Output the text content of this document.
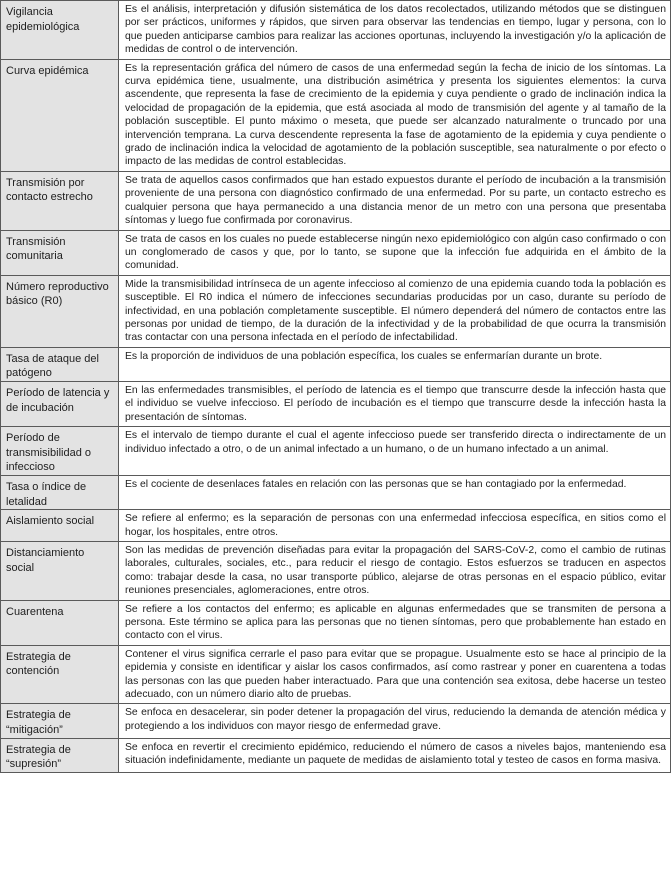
Vigilancia epidemiológica	Es el análisis, interpretación y difusión sistemática de los datos recolectados, utilizando métodos que se distinguen por ser prácticos, uniformes y rápidos, que sirven para observar las tendencias en tiempo, lugar y persona, con lo que pueden anticiparse cambios para realizar las acciones oportunas, incluyendo la investigación y/o la aplicación de medidas de control o de intervención.
Curva epidémica	Es la representación gráfica del número de casos de una enfermedad según la fecha de inicio de los síntomas. La curva epidémica tiene, usualmente, una distribución asimétrica y presenta los siguientes elementos: la curva ascendente, que representa la fase de crecimiento de la epidemia y cuya pendiente o grado de inclinación indica la velocidad de propagación de la epidemia, que está asociada al modo de transmisión del agente y al tamaño de la población susceptible. El punto máximo o meseta, que puede ser alcanzado naturalmente o truncado por una intervención temprana. La curva descendente representa la fase de agotamiento de la epidemia y cuya pendiente o grado de inclinación indica la velocidad de agotamiento de la población susceptible, sea naturalmente o por efecto o impacto de las medidas de control establecidas.
Transmisión por contacto estrecho	Se trata de aquellos casos confirmados que han estado expuestos durante el período de incubación a la transmisión proveniente de una persona con diagnóstico confirmado de una enfermedad. Por su parte, un contacto estrecho es cualquier persona que haya permanecido a una distancia menor de un metro con una persona que presentaba síntomas y luego fue confirmada por coronavirus.
Transmisión comunitaria	Se trata de casos en los cuales no puede establecerse ningún nexo epidemiológico con algún caso confirmado o con un conglomerado de casos y que, por lo tanto, se supone que la infección fue adquirida en el ámbito de la comunidad.
Número reproductivo básico (R0)	Mide la transmisibilidad intrínseca de un agente infeccioso al comienzo de una epidemia cuando toda la población es susceptible. El R0 indica el número de infecciones secundarias producidas por un caso, durante su período de infectividad, en una población completamente susceptible. El número dependerá del número de contactos entre las personas por unidad de tiempo, de la duración de la infectividad y de la probabilidad de que ocurra la transmisión tras contactar con una persona infectada en el período de infectabilidad.
Tasa de ataque del patógeno	Es la proporción de individuos de una población específica, los cuales se enfermarían durante un brote.
Período de latencia y de incubación	En las enfermedades transmisibles, el período de latencia es el tiempo que transcurre desde la infección hasta que el individuo se vuelve infeccioso. El período de incubación es el tiempo que transcurre desde la infección hasta la presentación de síntomas.
Período de transmisibilidad o infeccioso	Es el intervalo de tiempo durante el cual el agente infeccioso puede ser transferido directa o indirectamente de un individuo infectado a otro, o de un animal infectado a un humano, o de un humano infectado a un animal.
Tasa o índice de letalidad	Es el cociente de desenlaces fatales en relación con las personas que se han contagiado por la enfermedad.
Aislamiento social	Se refiere al enfermo; es la separación de personas con una enfermedad infecciosa específica, en sitios como el hogar, los hospitales, entre otros.
Distanciamiento social	Son las medidas de prevención diseñadas para evitar la propagación del SARS-CoV-2, como el cambio de rutinas laborales, culturales, sociales, etc., para reducir el riesgo de contagio. Estos esfuerzos se traducen en aspectos como: trabajar desde la casa, no usar transporte público, alejarse de otras personas en el espacio público, evitar reuniones presenciales, aglomeraciones, entre otros.
Cuarentena	Se refiere a los contactos del enfermo; es aplicable en algunas enfermedades que se transmiten de persona a persona. Este término se aplica para las personas que no tienen síntomas, pero que probablemente han estado en contacto con el virus.
Estrategia de contención	Contener el virus significa cerrarle el paso para evitar que se propague. Usualmente esto se hace al principio de la epidemia y consiste en identificar y aislar los casos confirmados, así como rastrear y poner en cuarentena a todas las personas con las que pueden haber interactuado. Para que una contención sea exitosa, debe hacerse un testeo adecuado, con un número diario alto de pruebas.
Estrategia de “mitigación”	Se enfoca en desacelerar, sin poder detener la propagación del virus, reduciendo la demanda de atención médica y protegiendo a los individuos con mayor riesgo de enfermedad grave.
Estrategia de “supresión”	Se enfoca en revertir el crecimiento epidémico, reduciendo el número de casos a niveles bajos, manteniendo esa situación indefinidamente, mediante un paquete de medidas de aislamiento total y testeo de casos en forma masiva.
